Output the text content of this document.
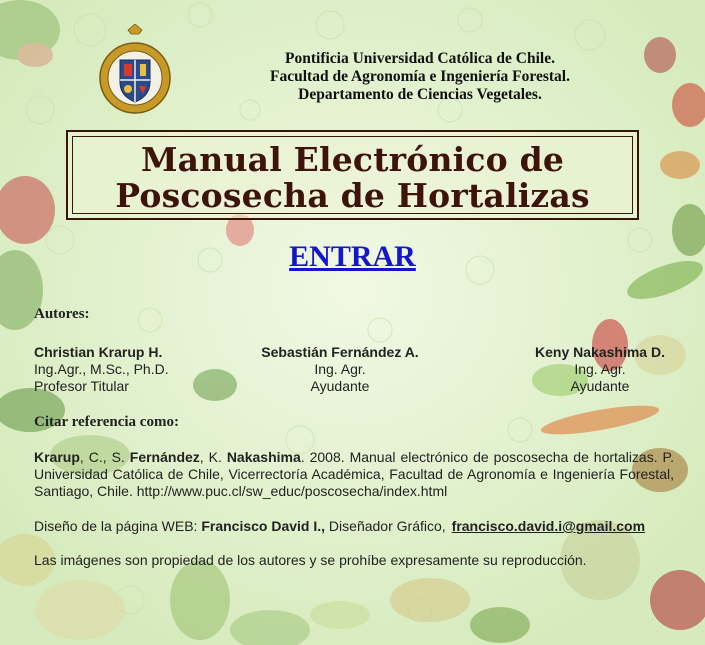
Pontificia Universidad Católica de Chile.
Facultad de Agronomía e Ingeniería Forestal.
Departamento de Ciencias Vegetales.
Manual Electrónico de
Poscosecha de Hortalizas
ENTRAR
Autores:
Christian Krarup H.
Ing.Agr., M.Sc., Ph.D.
Profesor Titular
Sebastián Fernández A.
Ing. Agr.
Ayudante
Keny Nakashima D.
Ing. Agr.
Ayudante
Citar referencia como:
Krarup, C., S. Fernández, K. Nakashima. 2008. Manual electrónico de poscosecha de hortalizas. P. Universidad Católica de Chile, Vicerrectoría Académica, Facultad de Agronomía e Ingeniería Forestal, Santiago, Chile. http://www.puc.cl/sw_educ/poscosecha/index.html
Diseño de la página WEB: Francisco David I., Diseñador Gráfico, francisco.david.i@gmail.com
Las imágenes son propiedad de los autores y se prohíbe expresamente su reproducción.
